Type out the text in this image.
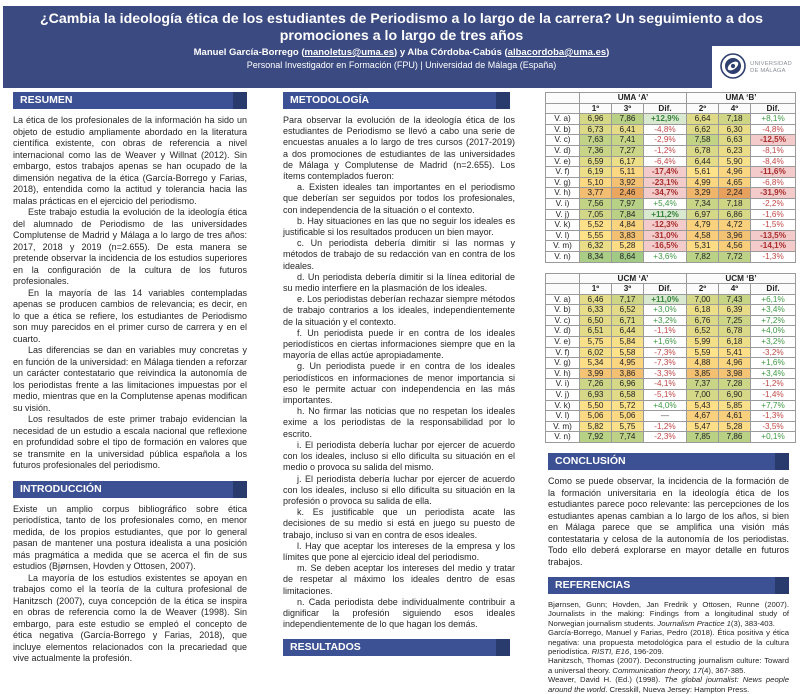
¿Cambia la ideología ética de los estudiantes de Periodismo a lo largo de la carrera? Un seguimiento a dos promociones a lo largo de tres años
Manuel García-Borrego (manoletus@uma.es) y Alba Córdoba-Cabús (albacordoba@uma.es)
Personal Investigador en Formación (FPU) | Universidad de Málaga (España)	UNIVERSIDAD
DE MÁLAGA
RESUMEN

La ética de los profesionales de la información ha sido un objeto de estudio ampliamente abordado en la literatura científica existente, con obras de referencia a nivel internacional como las de Weaver y Willnat (2012). Sin embargo, estos trabajos apenas se han ocupado de la dimensión negativa de la ética (García-Borrego y Farias, 2018), entendida como la actitud y tolerancia hacia las malas prácticas en el ejercicio del periodismo.

Este trabajo estudia la evolución de la ideología ética del alumnado de Periodismo de las universidades Complutense de Madrid y Málaga a lo largo de tres años: 2017, 2018 y 2019 (n=2.655). De esta manera se pretende observar la incidencia de los estudios superiores en la configuración de la cultura de los futuros profesionales.

En la mayoría de las 14 variables contempladas apenas se producen cambios de relevancia; es decir, en lo que a ética se refiere, los estudiantes de Periodismo son muy parecidos en el primer curso de carrera y en el cuarto.

Las diferencias se dan en variables muy concretas y en función de la universidad: en Málaga tienden a reforzar un carácter contestatario que reivindica la autonomía de los periodistas frente a las limitaciones impuestas por el medio, mientras que en la Complutense apenas modifican su visión.

Los resultados de este primer trabajo evidencian la necesidad de un estudio a escala nacional que reflexione en profundidad sobre el tipo de formación en valores que se transmite en la universidad pública española a los futuros profesionales del periodismo.

INTRODUCCIÓN

Existe un amplio corpus bibliográfico sobre ética periodística, tanto de los profesionales como, en menor medida, de los propios estudiantes, que por lo general pasan de mantener una postura idealista a una posición más pragmática a medida que se acerca el fin de sus estudios (Bjørnsen, Hovden y Ottosen, 2007).

La mayoría de los estudios existentes se apoyan en trabajos como el la teoría de la cultura profesional de Hanitzsch (2007), cuya concepción de la ética se inspira en obras de referencia como la de Weaver (1998). Sin embargo, para este estudio se empleó el concepto de ética negativa (García-Borrego y Farias, 2018), que incluye elementos relacionados con la precariedad que vive actualmente la profesión.

METODOLOGÍA

Para observar la evolución de la ideología ética de los estudiantes de Periodismo se llevó a cabo una serie de encuestas anuales a lo largo de tres cursos (2017-2019) a dos promociones de estudiantes de las universidades de Málaga y Complutense de Madrid (n=2.655). Los ítems contemplados fueron:

a. Existen ideales tan importantes en el periodismo que deberían ser seguidos por todos los profesionales, con independencia de la situación o el contexto.

b. Hay situaciones en las que no seguir los ideales es justificable si los resultados producen un bien mayor.

c. Un periodista debería dimitir si las normas y métodos de trabajo de su redacción van en contra de los ideales.

d. Un periodista debería dimitir si la línea editorial de su medio interfiere en la plasmación de los ideales.

e. Los periodistas deberían rechazar siempre métodos de trabajo contrarios a los ideales, independientemente de la situación y el contexto.

f. Un periodista puede ir en contra de los ideales periodísticos en ciertas informaciones siempre que en la mayoría de ellas actúe apropiadamente.

g. Un periodista puede ir en contra de los ideales periodísticos en informaciones de menor importancia si eso le permite actuar con independencia en las más importantes.

h. No firmar las noticias que no respetan los ideales exime a los periodistas de la responsabilidad por lo escrito.

i. El periodista debería luchar por ejercer de acuerdo con los ideales, incluso si ello dificulta su situación en el medio o provoca su salida del mismo.

j. El periodista debería luchar por ejercer de acuerdo con los ideales, incluso si ello dificulta su situación en la profesión o provoca su salida de ella.

k. Es justificable que un periodista acate las decisiones de su medio si está en juego su puesto de trabajo, incluso si van en contra de esos ideales.

l. Hay que aceptar los intereses de la empresa y los límites que pone al ejercicio ideal del periodismo.

m. Se deben aceptar los intereses del medio y tratar de respetar al máximo los ideales dentro de esas limitaciones.

n. Cada periodista debe individualmente contribuir a dignificar la profesión siguiendo esos ideales independientemente de lo que hagan los demás.

RESULTADOS
	UMA ‘A’			UMA ‘B’		
	1º	3º	Dif.	2º	4º	Dif.
V. a)	6,96	7,86	+12,9%	6,64	7,18	+8,1%
V. b)	6,73	6,41	-4,8%	6,62	6,30	-4,8%
V. c)	7,63	7,41	-2,9%	7,58	6,63	-12,5%
V. d)	7,36	7,27	-1,2%	6,78	6,23	-8,1%
V. e)	6,59	6,17	-6,4%	6,44	5,90	-8,4%
V. f)	6,19	5,11	-17,4%	5,61	4,96	-11,6%
V. g)	5,10	3,92	-23,1%	4,99	4,65	-6,8%
V. h)	3,77	2,46	-34,7%	3,29	2,24	-31,9%
V. i)	7,56	7,97	+5,4%	7,34	7,18	-2,2%
V. j)	7,05	7,84	+11,2%	6,97	6,86	-1,6%
V. k)	5,52	4,84	-12,3%	4,79	4,72	-1,5%
V. l)	5,55	3,83	-31,0%	4,58	3,96	-13,5%
V. m)	6,32	5,28	-16,5%	5,31	4,56	-14,1%
V. n)	8,34	8,64	+3,6%	7,82	7,72	-1,3%
	UCM ‘A’			UCM ‘B’		
	1º	3º	Dif.	2º	4º	Dif.
V. a)	6,46	7,17	+11,0%	7,00	7,43	+6,1%
V. b)	6,33	6,52	+3,0%	6,18	6,39	+3,4%
V. c)	6,50	6,71	+3,2%	6,76	7,25	+7,2%
V. d)	6,51	6,44	-1,1%	6,52	6,78	+4,0%
V. e)	5,75	5,84	+1,6%	5,99	6,18	+3,2%
V. f)	6,02	5,58	-7,3%	5,59	5,41	-3,2%
V. g)	5,34	4,95	-7,3%	4,88	4,96	+1,6%
V. h)	3,99	3,86	-3,3%	3,85	3,98	+3,4%
V. i)	7,26	6,96	-4,1%	7,37	7,28	-1,2%
V. j)	6,93	6,58	-5,1%	7,00	6,90	-1,4%
V. k)	5,50	5,72	+4,0%	5,43	5,85	+7,7%
V. l)	5,06	5,06	—	4,67	4,61	-1,3%
V. m)	5,82	5,75	-1,2%	5,47	5,28	-3,5%
V. n)	7,92	7,74	-2,3%	7,85	7,86	+0,1%
CONCLUSIÓN

Como se puede observar, la incidencia de la formación de la formación universitaria en la ideología ética de los estudiantes parece poco relevante: las percepciones de los estudiantes apenas cambian a lo largo de los años, si bien en Málaga parece que se amplifica una visión más contestataria y celosa de la autonomía de los periodistas. Todo ello deberá explorarse en mayor detalle en futuros trabajos.

REFERENCIAS

Bjørnsen, Gunn; Hovden, Jan Fredrik y Ottosen, Runne (2007). Journalists in the making: Findings from a longitudinal study of Norwegian journalism students. Journalism Practice 1(3), 383-403.

García-Borrego, Manuel y Farias, Pedro (2018). Ética positiva y ética negativa: una propuesta metodológica para el estudio de la cultura periodística. RISTI, E16, 196-209.

Hanitzsch, Thomas (2007). Deconstructing journalism culture: Toward a universal theory. Communication theory, 17(4), 367-385.

Weaver, David H. (Ed.) (1998). The global journalist: News people around the world. Cresskill, Nueva Jersey: Hampton Press.
